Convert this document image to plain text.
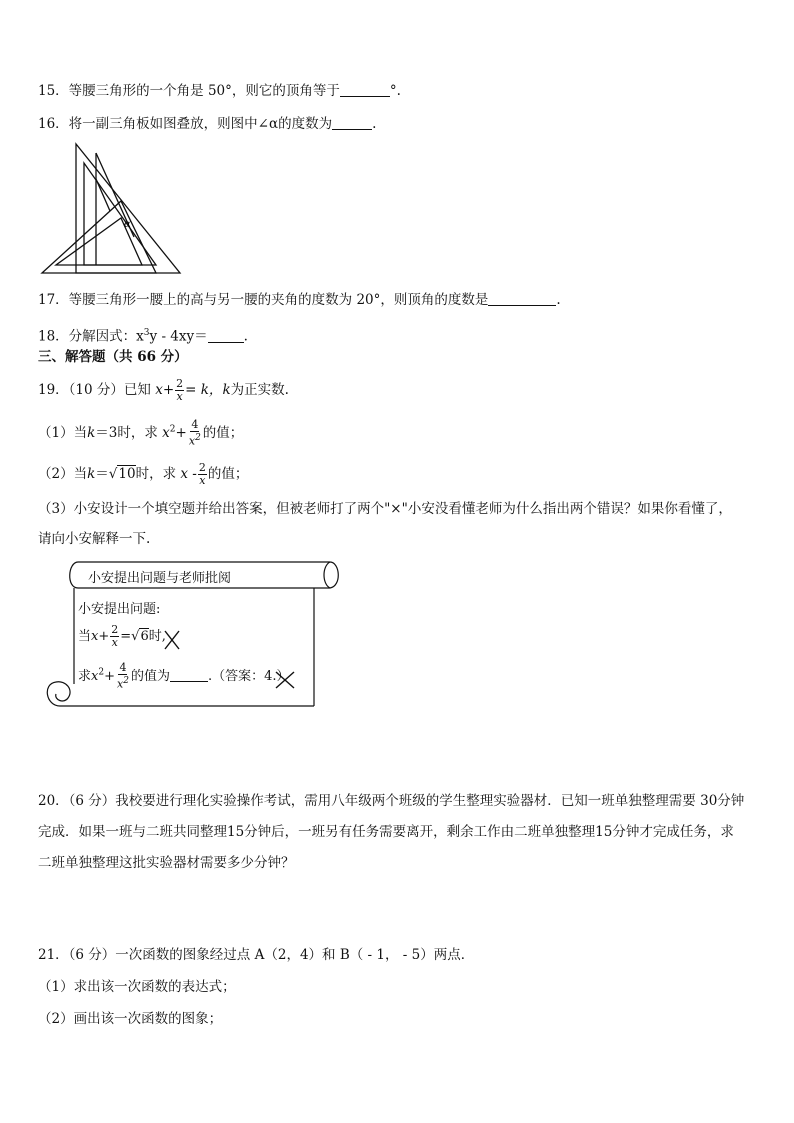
15．等腰三角形的一个角是 50°，则它的顶角等于	°.
16．将一副三角板如图叠放，则图中∠α的度数为	.
α
17．等腰三角形一腰上的高与另一腰的夹角的度数为 20°，则顶角的度数是	.
18．分解因式：$x^3y - 4xy=$	.
三、解答题（共 66 分）
19．（10 分）已知 $x+ \frac{2}{x} = k$，k为正实数.
（1）当k＝3时，求 $x^2+ \frac{4}{x^2}$ 的值；
（2）当k＝√10时，求 x - $\frac{2}{x}$ 的值；
（3）小安设计一个填空题并给出答案，但被老师打了两个"×"小安没看懂老师为什么指出两个错误？如果你看懂了，
请向小安解释一下.
小安提出问题与老师批阅
小安提出问题:
当$x+ \frac{2}{x} =√6$时,
求$x^2+ \frac{4}{x^2}$ 的值为	.（答案：4.）
20．（6 分）我校要进行理化实验操作考试，需用八年级两个班级的学生整理实验器材．已知一班单独整理需要 30分钟
完成．如果一班与二班共同整理15分钟后，一班另有任务需要离开，剩余工作由二班单独整理15分钟才完成任务，求
二班单独整理这批实验器材需要多少分钟？
21．（6 分）一次函数的图象经过点 A（2，4）和 B（ - 1， - 5）两点．
（1）求出该一次函数的表达式；
（2）画出该一次函数的图象；
